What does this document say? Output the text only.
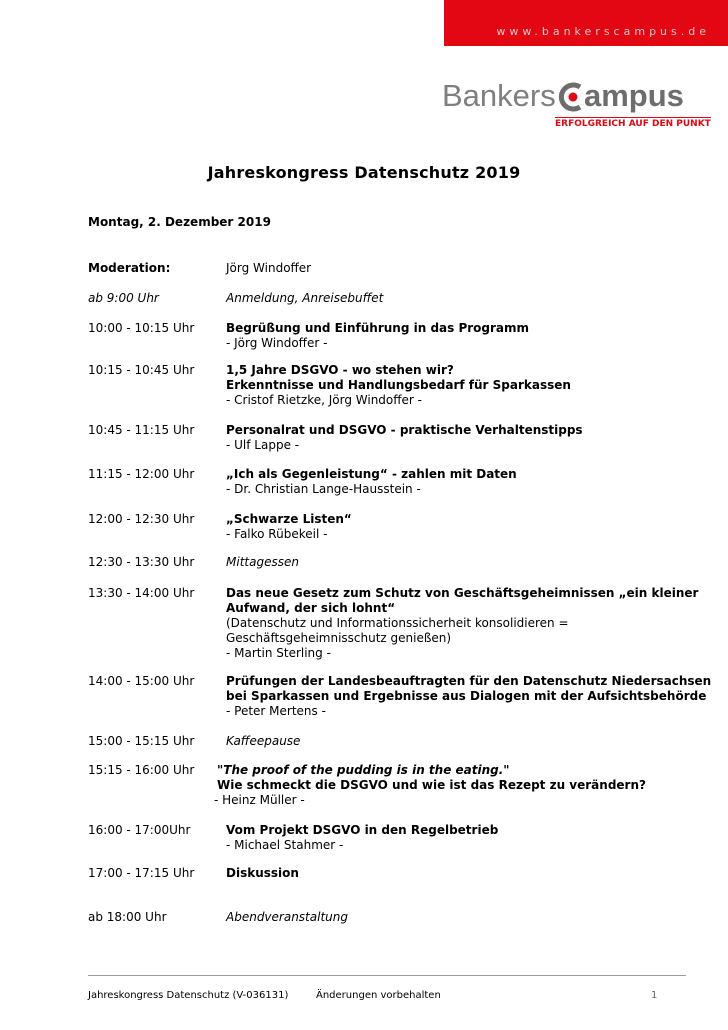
www.bankerscampus.de
Bankers ampus
ERFOLGREICH AUF DEN PUNKT
Jahreskongress Datenschutz 2019
Montag, 2. Dezember 2019
Moderation:	Jörg Windoffer
ab 9:00 Uhr	Anmeldung, Anreisebuffet
10:00 - 10:15 Uhr	Begrüßung und Einführung in das Programm
- Jörg Windoffer -
10:15 - 10:45 Uhr	1,5 Jahre DSGVO - wo stehen wir?
Erkenntnisse und Handlungsbedarf für Sparkassen
- Cristof Rietzke, Jörg Windoffer -
10:45 - 11:15 Uhr	Personalrat und DSGVO - praktische Verhaltenstipps
- Ulf Lappe -
11:15 - 12:00 Uhr	„Ich als Gegenleistung“ - zahlen mit Daten
- Dr. Christian Lange-Hausstein -
12:00 - 12:30 Uhr	„Schwarze Listen“
- Falko Rübekeil -
12:30 - 13:30 Uhr	Mittagessen
13:30 - 14:00 Uhr	Das neue Gesetz zum Schutz von Geschäftsgeheimnissen „ein kleiner
Aufwand, der sich lohnt“
(Datenschutz und Informationssicherheit konsolidieren =
Geschäftsgeheimnisschutz genießen)
- Martin Sterling -
14:00 - 15:00 Uhr	Prüfungen der Landesbeauftragten für den Datenschutz Niedersachsen
bei Sparkassen und Ergebnisse aus Dialogen mit der Aufsichtsbehörde
- Peter Mertens -
15:00 - 15:15 Uhr	Kaffeepause
15:15 - 16:00 Uhr "The proof of the pudding is in the eating."
Wie schmeckt die DSGVO und wie ist das Rezept zu verändern?
- Heinz Müller -
16:00 - 17:00Uhr	Vom Projekt DSGVO in den Regelbetrieb
- Michael Stahmer -
17:00 - 17:15 Uhr	Diskussion
ab 18:00 Uhr	Abendveranstaltung
Jahreskongress Datenschutz (V-036131)	Änderungen vorbehalten	1
